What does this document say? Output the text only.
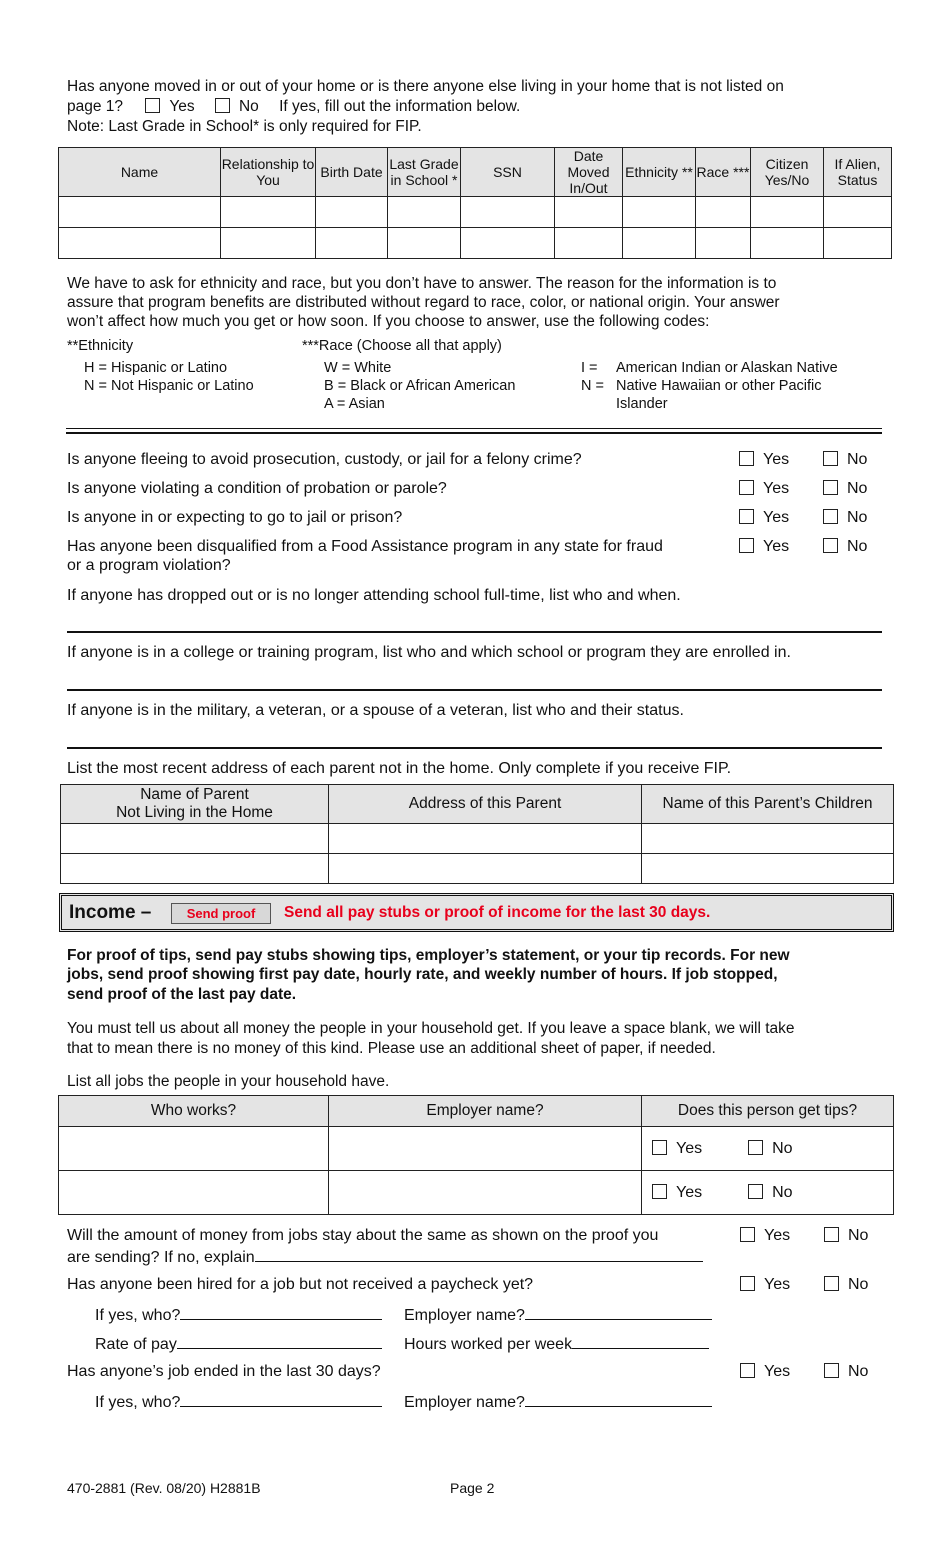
Has anyone moved in or out of your home or is there anyone else living in your home that is not listed on
page 1?	Yes	No If yes, fill out the information below.
Note: Last Grade in School* is only required for FIP.
Name	Relationship to You	Birth Date	Last Grade in School *	SSN	Date Moved In/Out	Ethnicity **	Race ***	Citizen Yes/No	If Alien, Status

We have to ask for ethnicity and race, but you don’t have to answer. The reason for the information is to
assure that program benefits are distributed without regard to race, color, or national origin. Your answer
won’t affect how much you get or how soon. If you choose to answer, use the following codes:
**Ethnicity	***Race (Choose all that apply)
H = Hispanic or Latino
N = Not Hispanic or Latino
W = White
B = Black or African American
A = Asian
I = American Indian or Alaskan Native
N = Native Hawaiian or other Pacific
Islander
Is anyone fleeing to avoid prosecution, custody, or jail for a felony crime?	Yes	No
Is anyone violating a condition of probation or parole?	Yes	No
Is anyone in or expecting to go to jail or prison?	Yes	No
Has anyone been disqualified from a Food Assistance program in any state for fraud
or a program violation?
Yes	No
If anyone has dropped out or is no longer attending school full-time, list who and when.
If anyone is in a college or training program, list who and which school or program they are enrolled in.
If anyone is in the military, a veteran, or a spouse of a veteran, list who and their status.
List the most recent address of each parent not in the home. Only complete if you receive FIP.
Name of Parent
Not Living in the Home	Address of this Parent	Name of this Parent’s Children

Income –	Send proof	Send all pay stubs or proof of income for the last 30 days.
For proof of tips, send pay stubs showing tips, employer’s statement, or your tip records. For new
jobs, send proof showing first pay date, hourly rate, and weekly number of hours. If job stopped,
send proof of the last pay date.
You must tell us about all money the people in your household get. If you leave a space blank, we will take
that to mean there is no money of this kind. Please use an additional sheet of paper, if needed.
List all jobs the people in your household have.
Who works?	Employer name?	Does this person get tips?
		Yes No
		Yes No
Will the amount of money from jobs stay about the same as shown on the proof you
are sending? If no, explain
Yes	No
Has anyone been hired for a job but not received a paycheck yet?	Yes	No
If yes, who?	Employer name?
Rate of pay	Hours worked per week
Has anyone’s job ended in the last 30 days?	Yes	No
If yes, who?	Employer name?
470-2881 (Rev. 08/20) H2881B	Page 2
